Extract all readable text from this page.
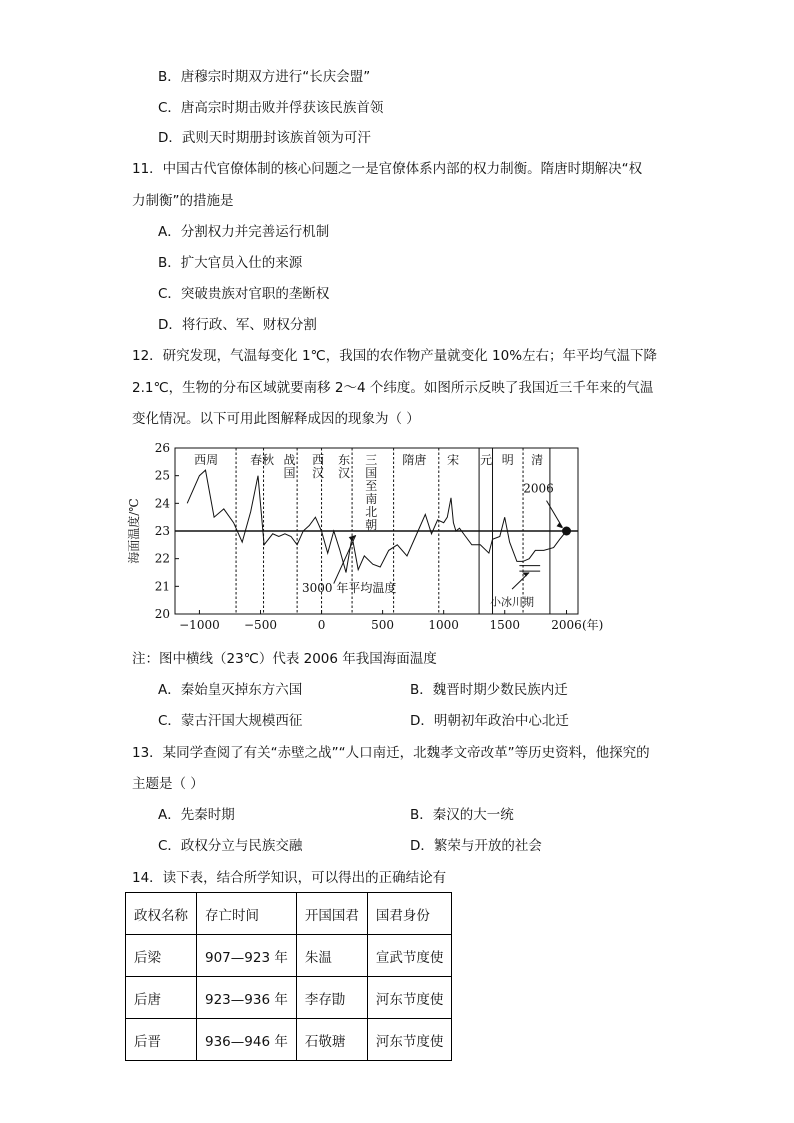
B．唐穆宗时期双方进行“长庆会盟”
C．唐高宗时期击败并俘获该民族首领
D．武则天时期册封该族首领为可汗
11．中国古代官僚体制的核心问题之一是官僚体系内部的权力制衡。隋唐时期解决“权
力制衡”的措施是
A．分割权力并完善运行机制
B．扩大官员入仕的来源
C．突破贵族对官职的垄断权
D．将行政、军、财权分割
12．研究发现，气温每变化 1℃，我国的农作物产量就变化 10%左右；年平均气温下降
2.1℃，生物的分布区域就要南移 2～4 个纬度。如图所示反映了我国近三千年来的气温
变化情况。以下可用此图解释成因的现象为（ ）
20
21
22
23
24
25
26
−1000 −500	0	500	1000	1500	2006 (年)
海面温度/℃
西周	春秋 战国
西汉
东汉
三国至南北朝
隋唐 宋 元 明 清
2006
3000 年平均温度
小冰川期
注：图中横线（23℃）代表 2006 年我国海面温度
A．秦始皇灭掉东方六国	B．魏晋时期少数民族内迁
C．蒙古汗国大规模西征	D．明朝初年政治中心北迁
13．某同学查阅了有关“赤壁之战”“人口南迁，北魏孝文帝改革”等历史资料，他探究的
主题是（ ）
A．先秦时期	B．秦汉的大一统
C．政权分立与民族交融	D．繁荣与开放的社会
14．读下表，结合所学知识，可以得出的正确结论有
政权名称	存亡时间	开国国君	国君身份
后梁	907—923 年	朱温	宣武节度使
后唐	923—936 年	李存勖	河东节度使
后晋	936—946 年	石敬瑭	河东节度使
